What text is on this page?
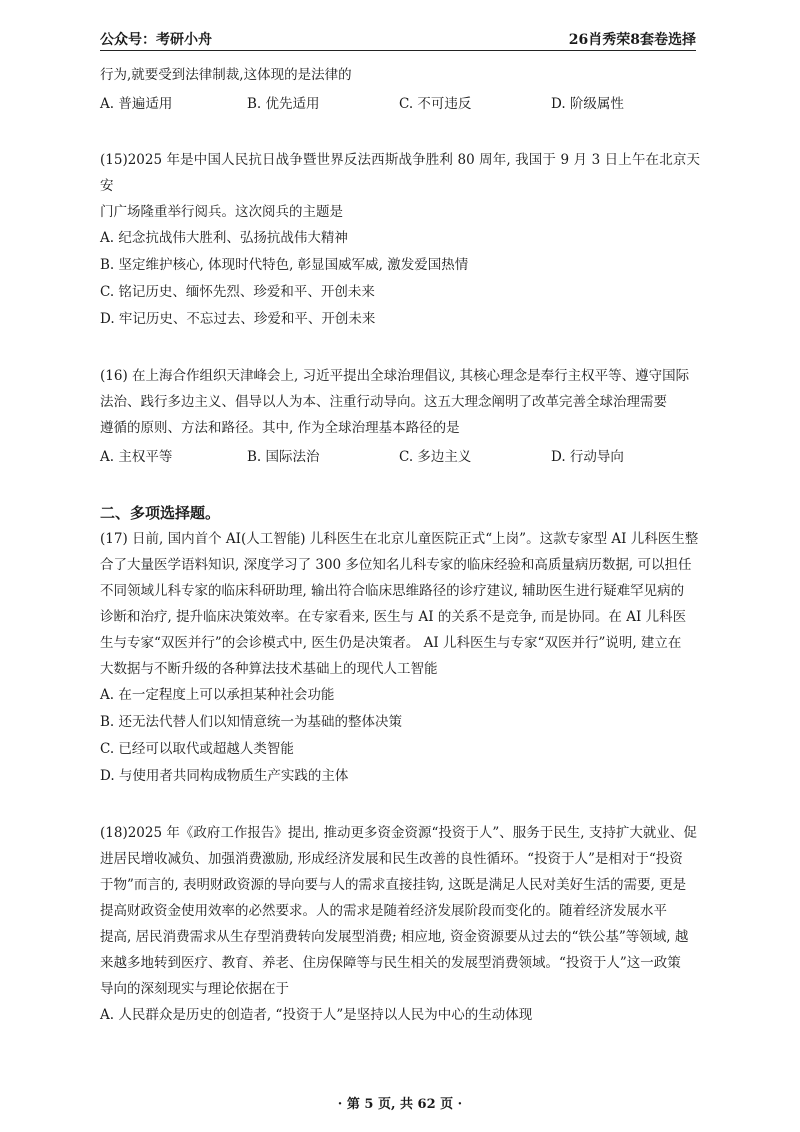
公众号：考研小舟	26肖秀荣8套卷选择

行为,就要受到法律制裁,这体现的是法律的

A. 普遍适用	B. 优先适用	C. 不可违反	D. 阶级属性

(15)2025 年是中国人民抗日战争暨世界反法西斯战争胜利 80 周年, 我国于 9 月 3 日上午在北京天安

门广场隆重举行阅兵。这次阅兵的主题是

A. 纪念抗战伟大胜利、弘扬抗战伟大精神

B. 坚定维护核心, 体现时代特色, 彰显国威军威, 激发爱国热情

C. 铭记历史、缅怀先烈、珍爱和平、开创未来

D. 牢记历史、不忘过去、珍爱和平、开创未来

(16) 在上海合作组织天津峰会上, 习近平提出全球治理倡议, 其核心理念是奉行主权平等、遵守国际

法治、践行多边主义、倡导以人为本、注重行动导向。这五大理念阐明了改革完善全球治理需要

遵循的原则、方法和路径。其中, 作为全球治理基本路径的是

A. 主权平等	B. 国际法治	C. 多边主义	D. 行动导向

二、多项选择题。

(17) 日前, 国内首个 AI(人工智能) 儿科医生在北京儿童医院正式“上岗”。这款专家型 AI 儿科医生整

合了大量医学语料知识, 深度学习了 300 多位知名儿科专家的临床经验和高质量病历数据, 可以担任

不同领域儿科专家的临床科研助理, 输出符合临床思维路径的诊疗建议, 辅助医生进行疑难罕见病的

诊断和治疗, 提升临床决策效率。在专家看来, 医生与 AI 的关系不是竞争, 而是协同。在 AI 儿科医

生与专家“双医并行”的会诊模式中, 医生仍是决策者。 AI 儿科医生与专家“双医并行”说明, 建立在

大数据与不断升级的各种算法技术基础上的现代人工智能

A. 在一定程度上可以承担某种社会功能

B. 还无法代替人们以知情意统一为基础的整体决策

C. 已经可以取代或超越人类智能

D. 与使用者共同构成物质生产实践的主体

(18)2025 年《政府工作报告》提出, 推动更多资金资源“投资于人”、服务于民生, 支持扩大就业、促

进居民增收减负、加强消费激励, 形成经济发展和民生改善的良性循环。“投资于人”是相对于“投资

于物”而言的, 表明财政资源的导向要与人的需求直接挂钩, 这既是满足人民对美好生活的需要, 更是

提高财政资金使用效率的必然要求。人的需求是随着经济发展阶段而变化的。随着经济发展水平

提高, 居民消费需求从生存型消费转向发展型消费; 相应地, 资金资源要从过去的“铁公基”等领域, 越

来越多地转到医疗、教育、养老、住房保障等与民生相关的发展型消费领域。“投资于人”这一政策

导向的深刻现实与理论依据在于

A. 人民群众是历史的创造者, “投资于人”是坚持以人民为中心的生动体现

· 第 5 页, 共 62 页 ·
